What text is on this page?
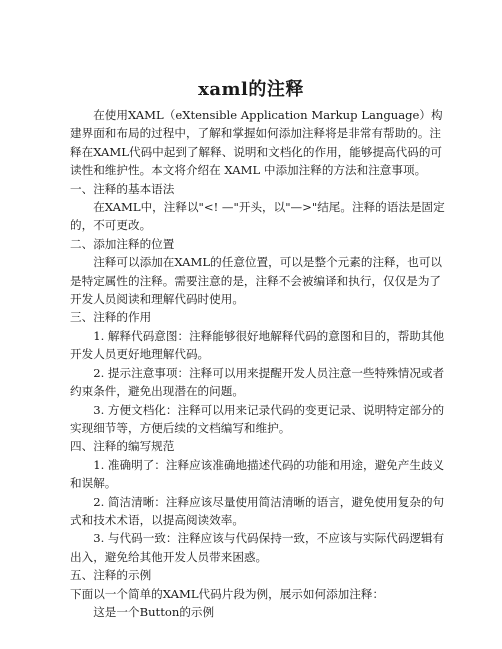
xaml的注释

在使用XAML（eXtensible Application Markup Language）构建界面和布局的过程中，了解和掌握如何添加注释将是非常有帮助的。注释在XAML代码中起到了解释、说明和文档化的作用，能够提高代码的可读性和维护性。本文将介绍在 XAML 中添加注释的方法和注意事项。

一、注释的基本语法

在XAML中，注释以"<! —"开头，以"—>"结尾。注释的语法是固定的，不可更改。

二、添加注释的位置

注释可以添加在XAML的任意位置，可以是整个元素的注释，也可以是特定属性的注释。需要注意的是，注释不会被编译和执行，仅仅是为了开发人员阅读和理解代码时使用。

三、注释的作用

1. 解释代码意图：注释能够很好地解释代码的意图和目的，帮助其他开发人员更好地理解代码。

2. 提示注意事项：注释可以用来提醒开发人员注意一些特殊情况或者约束条件，避免出现潜在的问题。

3. 方便文档化：注释可以用来记录代码的变更记录、说明特定部分的实现细节等，方便后续的文档编写和维护。

四、注释的编写规范

1. 准确明了：注释应该准确地描述代码的功能和用途，避免产生歧义和误解。

2. 简洁清晰：注释应该尽量使用简洁清晰的语言，避免使用复杂的句式和技术术语，以提高阅读效率。

3. 与代码一致：注释应该与代码保持一致，不应该与实际代码逻辑有出入，避免给其他开发人员带来困惑。

五、注释的示例

下面以一个简单的XAML代码片段为例，展示如何添加注释：

这是一个Button的示例
